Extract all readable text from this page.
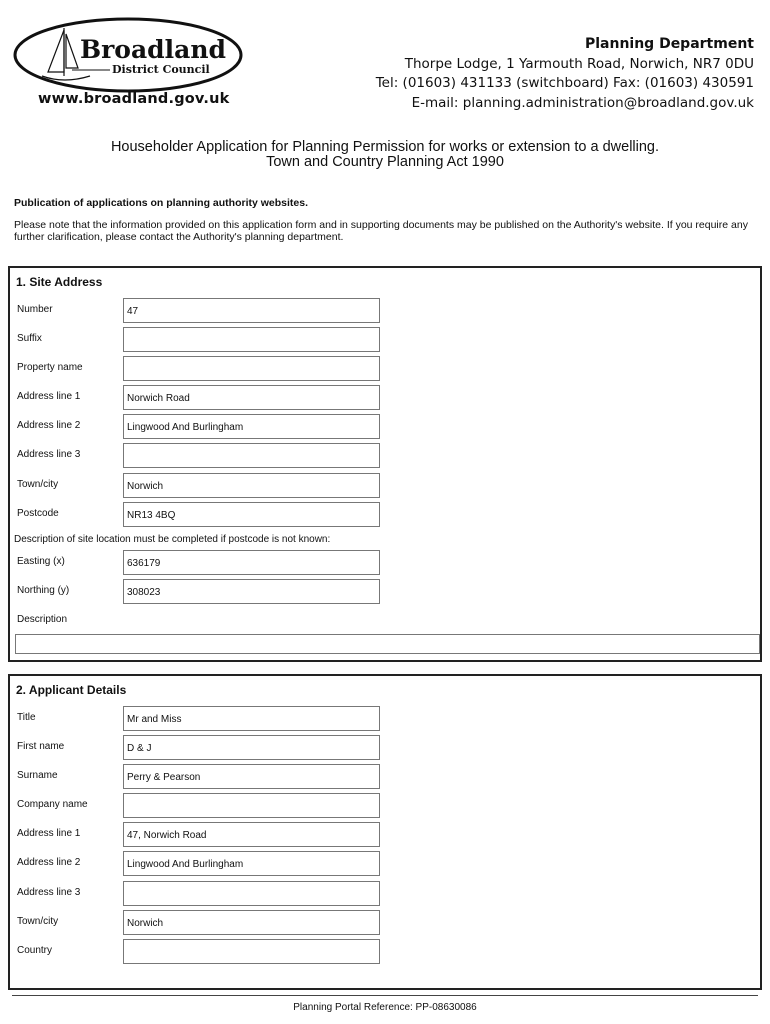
Broadland
District Council
www.broadland.gov.uk
Planning Department
Thorpe Lodge, 1 Yarmouth Road, Norwich, NR7 0DU
Tel: (01603) 431133 (switchboard) Fax: (01603) 430591
E-mail: planning.administration@broadland.gov.uk
Householder Application for Planning Permission for works or extension to a dwelling.
Town and Country Planning Act 1990
Publication of applications on planning authority websites.
Please note that the information provided on this application form and in supporting documents may be published on the Authority's website. If you require any further clarification, please contact the Authority's planning department.
1. Site Address
Number	47
Suffix
Property name
Address line 1	Norwich Road
Address line 2	Lingwood And Burlingham
Address line 3
Town/city	Norwich
Postcode	NR13 4BQ
Description of site location must be completed if postcode is not known:
Easting (x)	636179
Northing (y)	308023
Description
2. Applicant Details
Title	Mr and Miss
First name	D & J
Surname	Perry & Pearson
Company name
Address line 1	47, Norwich Road
Address line 2	Lingwood And Burlingham
Address line 3
Town/city	Norwich
Country
Planning Portal Reference: PP-08630086
